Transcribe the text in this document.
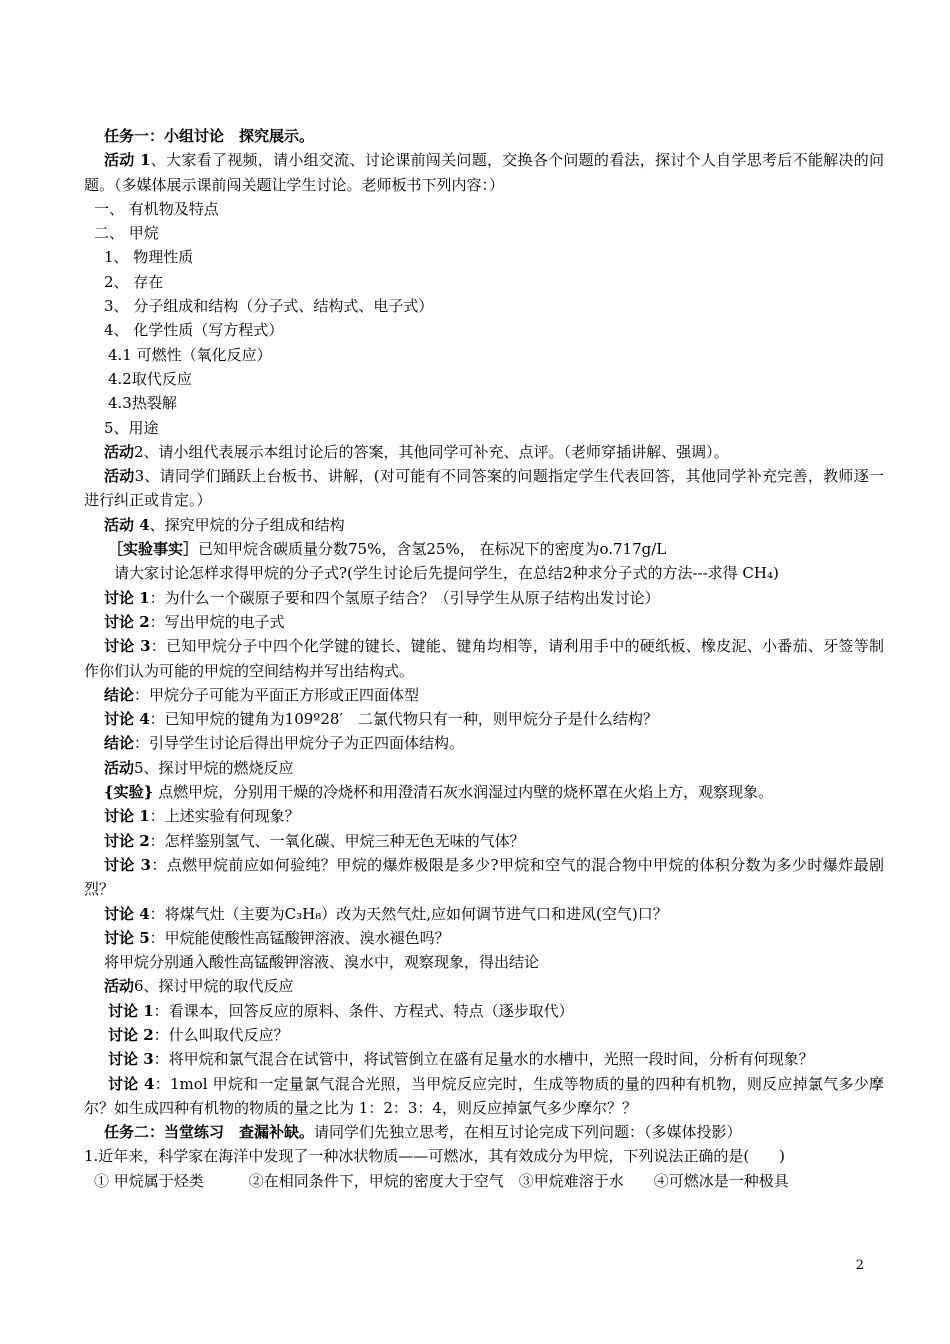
任务一：小组讨论　探究展示。

活动 1、大家看了视频，请小组交流、讨论课前闯关问题，交换各个问题的看法，探讨个人自学思考后不能解决的问题。（多媒体展示课前闯关题让学生讨论。老师板书下列内容：）

一、 有机物及特点

二、 甲烷

1、 物理性质

2、 存在

3、 分子组成和结构（分子式、结构式、电子式）

4、 化学性质（写方程式）

4.1 可燃性（氧化反应）

4.2取代反应

4.3热裂解

5、用途

活动2、请小组代表展示本组讨论后的答案，其他同学可补充、点评。（老师穿插讲解、强调）。

活动3、请同学们踊跃上台板书、讲解，(对可能有不同答案的问题指定学生代表回答，其他同学补充完善，教师逐一进行纠正或肯定。）

活动 4、探究甲烷的分子组成和结构

［实验事实］已知甲烷含碳质量分数75%，含氢25%， 在标况下的密度为o.717g/L

请大家讨论怎样求得甲烷的分子式?(学生讨论后先提问学生，在总结2种求分子式的方法---求得 CH₄)

讨论 1：为什么一个碳原子要和四个氢原子结合？（引导学生从原子结构出发讨论）

讨论 2：写出甲烷的电子式

讨论 3：已知甲烷分子中四个化学键的键长、键能、键角均相等，请利用手中的硬纸板、橡皮泥、小番茄、牙签等制作你们认为可能的甲烷的空间结构并写出结构式。

结论：甲烷分子可能为平面正方形或正四面体型

讨论 4：已知甲烷的键角为109º28′　二氯代物只有一种，则甲烷分子是什么结构？

结论：引导学生讨论后得出甲烷分子为正四面体结构。

活动5、探讨甲烷的燃烧反应

{实验} 点燃甲烷，分别用干燥的冷烧杯和用澄清石灰水润湿过内壁的烧杯罩在火焰上方，观察现象。

讨论 1：上述实验有何现象？

讨论 2：怎样鉴别氢气、一氧化碳、甲烷三种无色无味的气体？

讨论 3：点燃甲烷前应如何验纯？甲烷的爆炸极限是多少?甲烷和空气的混合物中甲烷的体积分数为多少时爆炸最剧烈？

讨论 4：将煤气灶（主要为C₃H₈）改为天然气灶,应如何调节进气口和进风(空气)口？

讨论 5：甲烷能使酸性高锰酸钾溶液、溴水褪色吗？

将甲烷分别通入酸性高锰酸钾溶液、溴水中，观察现象，得出结论

活动6、探讨甲烷的取代反应

讨论 1：看课本，回答反应的原料、条件、方程式、特点（逐步取代）

讨论 2：什么叫取代反应？

讨论 3：将甲烷和氯气混合在试管中，将试管倒立在盛有足量水的水槽中，光照一段时间，分析有何现象？

讨论 4：1mol 甲烷和一定量氯气混合光照，当甲烷反应完时，生成等物质的量的四种有机物，则反应掉氯气多少摩尔？如生成四种有机物的物质的量之比为 1：2：3：4，则反应掉氯气多少摩尔？？

任务二：当堂练习　查漏补缺。请同学们先独立思考，在相互讨论完成下列问题：（多媒体投影）

1.近年来，科学家在海洋中发现了一种冰状物质——可燃冰，其有效成分为甲烷，下列说法正确的是(　　)

① 甲烷属于烃类　　　②在相同条件下，甲烷的密度大于空气　③甲烷难溶于水　　④可燃冰是一种极具

2
